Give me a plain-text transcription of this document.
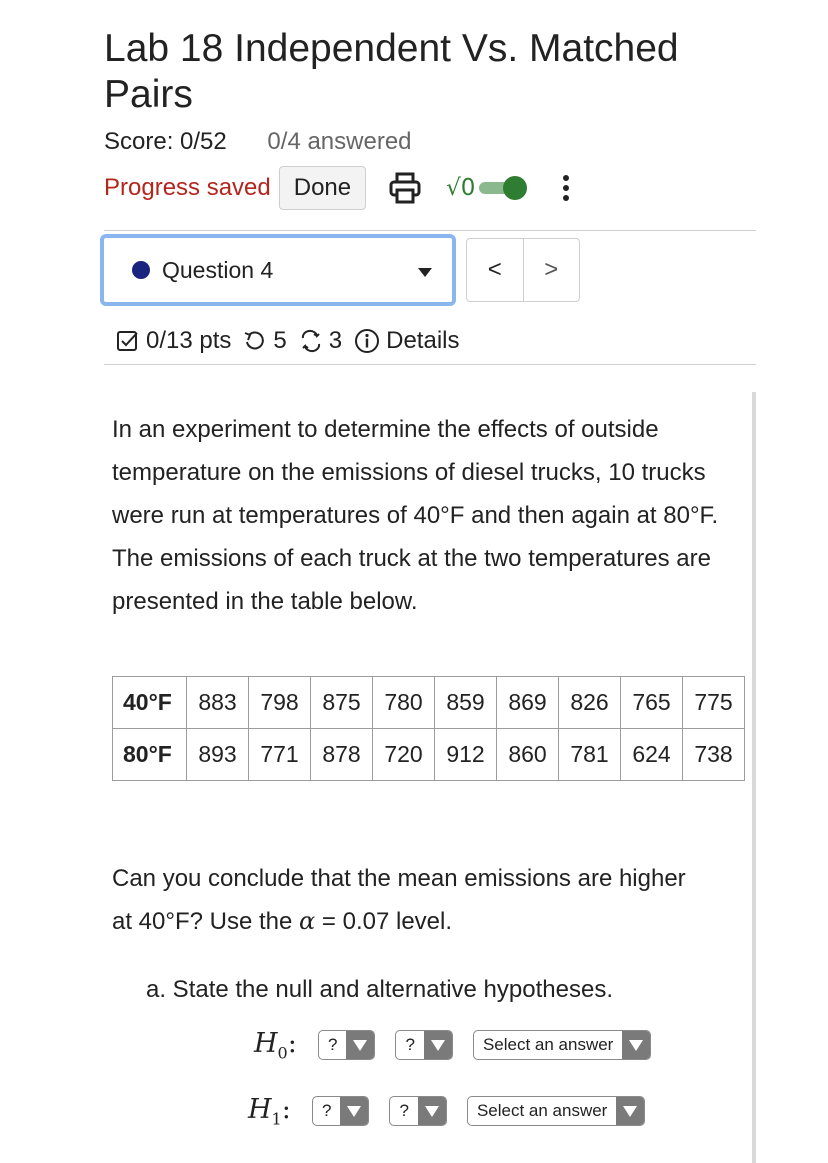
Lab 18 Independent Vs. Matched Pairs
Score: 0/52 0/4 answered
Progress saved Done	√0
Question 4	<	>
0/13 pts 5 3 Details

In an experiment to determine the effects of outside temperature on the emissions of diesel trucks, 10 trucks were run at temperatures of 40°F and then again at 80°F. The emissions of each truck at the two temperatures are presented in the table below.

40°F	883	798	875	780	859	869	826	765	775
80°F	893	771	878	720	912	860	781	624	738

Can you conclude that the mean emissions are higher
at 40°F? Use the α = 0.07 level.

a. State the null and alternative hypotheses.
$H_0$:	?	?	Select an answer
$H_1$:	?	?	Select an answer
